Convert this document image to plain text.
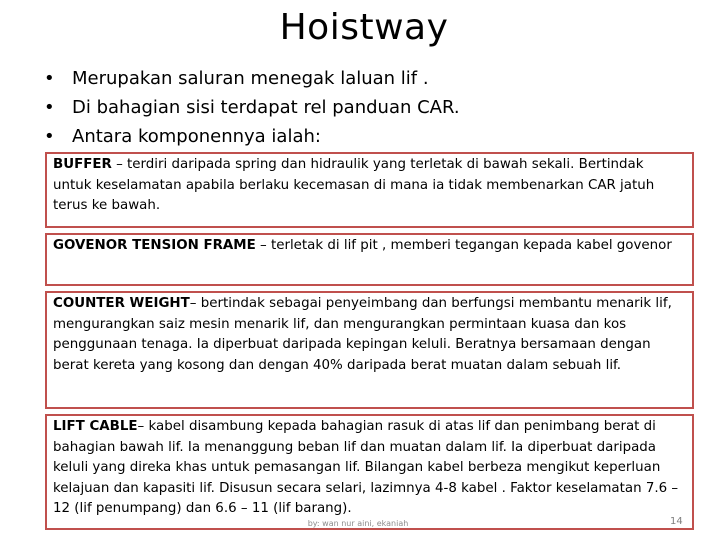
Hoistway
• Merupakan saluran menegak laluan lif .
• Di bahagian sisi terdapat rel panduan CAR.
• Antara komponennya ialah:
BUFFER – terdiri daripada spring dan hidraulik yang terletak di bawah sekali. Bertindak untuk keselamatan apabila berlaku kecemasan di mana ia tidak membenarkan CAR jatuh terus ke bawah.
GOVENOR TENSION FRAME – terletak di lif pit , memberi tegangan kepada kabel govenor
COUNTER WEIGHT– bertindak sebagai penyeimbang dan berfungsi membantu menarik lif, mengurangkan saiz mesin menarik lif, dan mengurangkan permintaan kuasa dan kos penggunaan tenaga. Ia diperbuat daripada kepingan keluli. Beratnya bersamaan dengan berat kereta yang kosong dan dengan 40% daripada berat muatan dalam sebuah lif.
LIFT CABLE– kabel disambung kepada bahagian rasuk di atas lif dan penimbang berat di bahagian bawah lif. Ia menanggung beban lif dan muatan dalam lif. Ia diperbuat daripada keluli yang direka khas untuk pemasangan lif. Bilangan kabel berbeza mengikut keperluan kelajuan dan kapasiti lif. Disusun secara selari, lazimnya 4-8 kabel . Faktor keselamatan 7.6 – 12 (lif penumpang) dan 6.6 – 11 (lif barang).
by: wan nur aini, ekaniah	14
